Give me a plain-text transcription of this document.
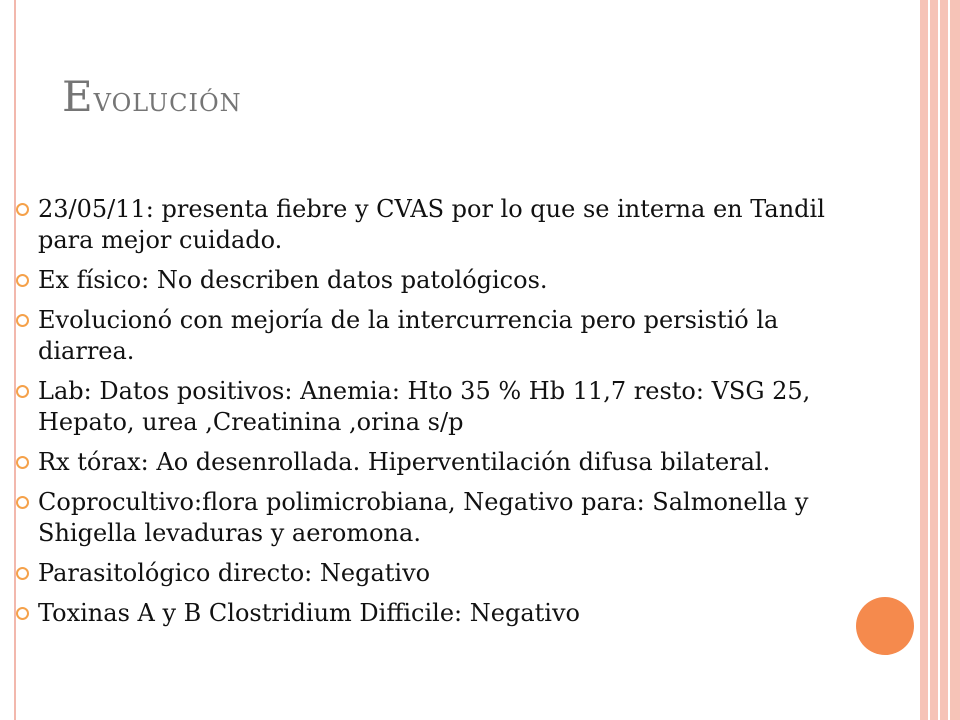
Evolución
23/05/11: presenta fiebre y CVAS por lo que se interna en Tandil para mejor cuidado.
Ex físico: No describen datos patológicos.
Evolucionó con mejoría de la intercurrencia pero persistió la diarrea.
Lab: Datos positivos: Anemia: Hto 35 % Hb 11,7 resto: VSG 25, Hepato, urea ,Creatinina ,orina s/p
Rx tórax: Ao desenrollada. Hiperventilación difusa bilateral.
Coprocultivo:flora polimicrobiana, Negativo para: Salmonella y Shigella levaduras y aeromona.
Parasitológico directo: Negativo
Toxinas A y B Clostridium Difficile: Negativo
